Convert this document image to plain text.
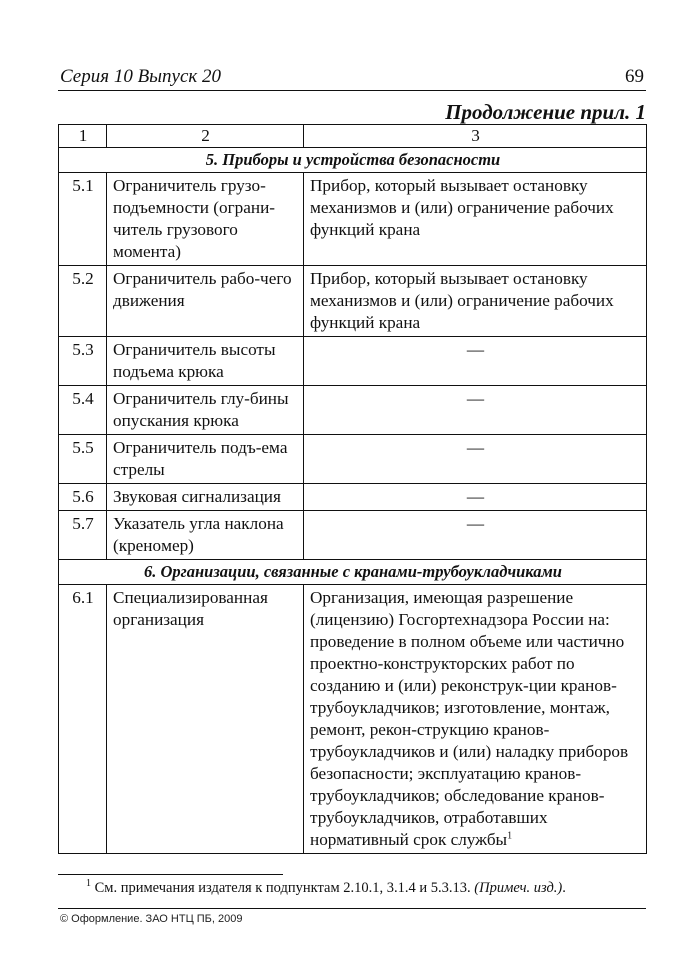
Серия 10 Выпуск 20	69
Продолжение прил. 1
1	2	3
5. Приборы и устройства безопасности		
5.1	Ограничитель грузо-подъемности (ограни-читель грузового момента)	Прибор, который вызывает остановку механизмов и (или) ограничение рабочих функций крана
5.2	Ограничитель рабо-чего движения	Прибор, который вызывает остановку механизмов и (или) ограничение рабочих функций крана
5.3	Ограничитель высоты подъема крюка	—
5.4	Ограничитель глу-бины опускания крюка	—
5.5	Ограничитель подъ-ема стрелы	—
5.6	Звуковая сигнализация	—
5.7	Указатель угла наклона (кренoмер)	—
6. Организации, связанные с кранами-трубоукладчиками		
6.1	Специализированная организация	Организация, имеющая разрешение (лицензию) Госгортехнадзора России на: проведение в полном объеме или частично проектно-конструкторских работ по созданию и (или) реконструк-ции кранов-трубоукладчиков; изготовление, монтаж, ремонт, рекон-струкцию кранов-трубоукладчиков и (или) наладку приборов безопасности; эксплуатацию кранов-трубоукладчиков; обследование кранов-трубоукладчиков, отработавших нормативный срок службы$^1$
$^1$ См. примечания издателя к подпунктам 2.10.1, 3.1.4 и 5.3.13. (Примеч. изд.).
© Оформление. ЗАО НТЦ ПБ, 2009
